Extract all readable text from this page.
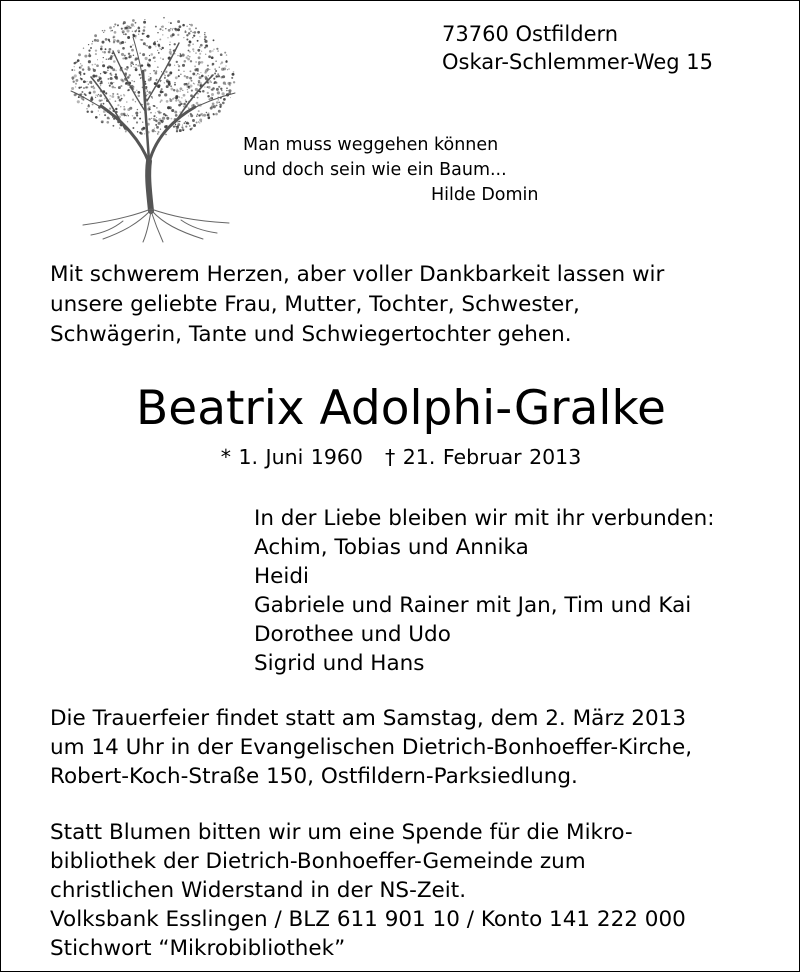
73760 Ostfildern
Oskar-Schlemmer-Weg 15
Man muss weggehen können
und doch sein wie ein Baum...
Hilde Domin
Mit schwerem Herzen, aber voller Dankbarkeit lassen wir
unsere geliebte Frau, Mutter, Tochter, Schwester,
Schwägerin, Tante und Schwiegertochter gehen.
Beatrix Adolphi-Gralke
* 1. Juni 1960 † 21. Februar 2013
In der Liebe bleiben wir mit ihr verbunden:
Achim, Tobias und Annika
Heidi
Gabriele und Rainer mit Jan, Tim und Kai
Dorothee und Udo
Sigrid und Hans
Die Trauerfeier findet statt am Samstag, dem 2. März 2013
um 14 Uhr in der Evangelischen Dietrich-Bonhoeffer-Kirche,
Robert-Koch-Straße 150, Ostfildern-Parksiedlung.
Statt Blumen bitten wir um eine Spende für die Mikro-
bibliothek der Dietrich-Bonhoeffer-Gemeinde zum
christlichen Widerstand in der NS-Zeit.
Volksbank Esslingen / BLZ 611 901 10 / Konto 141 222 000
Stichwort “Mikrobibliothek”
